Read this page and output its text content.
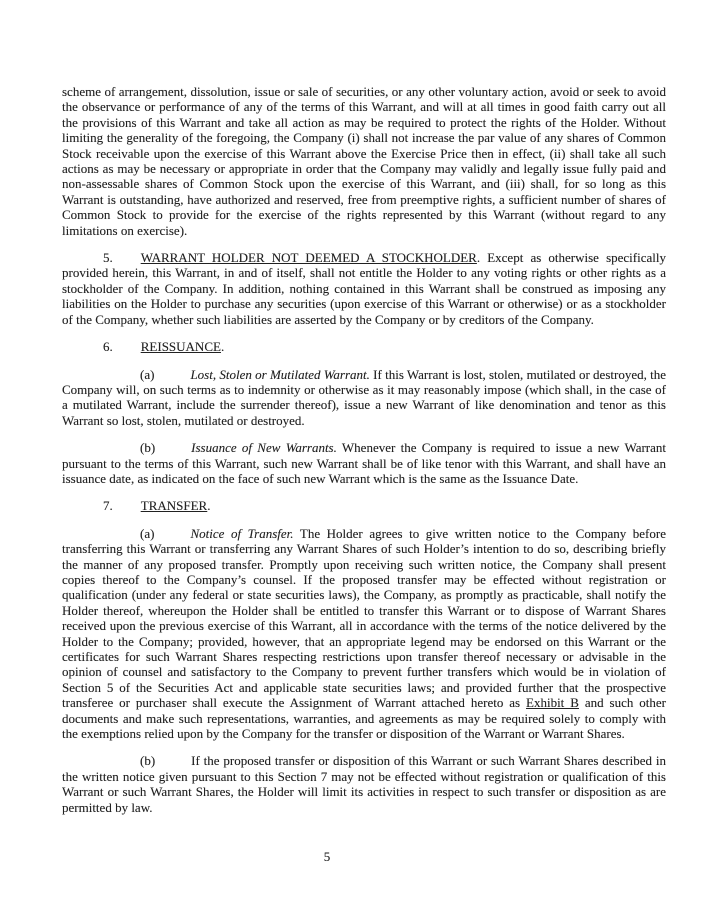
scheme of arrangement, dissolution, issue or sale of securities, or any other voluntary action, avoid or seek to avoid the observance or performance of any of the terms of this Warrant, and will at all times in good faith carry out all the provisions of this Warrant and take all action as may be required to protect the rights of the Holder. Without limiting the generality of the foregoing, the Company (i) shall not increase the par value of any shares of Common Stock receivable upon the exercise of this Warrant above the Exercise Price then in effect, (ii) shall take all such actions as may be necessary or appropriate in order that the Company may validly and legally issue fully paid and non-assessable shares of Common Stock upon the exercise of this Warrant, and (iii) shall, for so long as this Warrant is outstanding, have authorized and reserved, free from preemptive rights, a sufficient number of shares of Common Stock to provide for the exercise of the rights represented by this Warrant (without regard to any limitations on exercise).

5. WARRANT HOLDER NOT DEEMED A STOCKHOLDER. Except as otherwise specifically provided herein, this Warrant, in and of itself, shall not entitle the Holder to any voting rights or other rights as a stockholder of the Company. In addition, nothing contained in this Warrant shall be construed as imposing any liabilities on the Holder to purchase any securities (upon exercise of this Warrant or otherwise) or as a stockholder of the Company, whether such liabilities are asserted by the Company or by creditors of the Company.

6. REISSUANCE.

(a)	Lost, Stolen or Mutilated Warrant. If this Warrant is lost, stolen, mutilated or destroyed, the Company will, on such terms as to indemnity or otherwise as it may reasonably impose (which shall, in the case of a mutilated Warrant, include the surrender thereof), issue a new Warrant of like denomination and tenor as this Warrant so lost, stolen, mutilated or destroyed.

(b)	Issuance of New Warrants. Whenever the Company is required to issue a new Warrant pursuant to the terms of this Warrant, such new Warrant shall be of like tenor with this Warrant, and shall have an issuance date, as indicated on the face of such new Warrant which is the same as the Issuance Date.

7. TRANSFER.

(a)	Notice of Transfer. The Holder agrees to give written notice to the Company before transferring this Warrant or transferring any Warrant Shares of such Holder’s intention to do so, describing briefly the manner of any proposed transfer. Promptly upon receiving such written notice, the Company shall present copies thereof to the Company’s counsel. If the proposed transfer may be effected without registration or qualification (under any federal or state securities laws), the Company, as promptly as practicable, shall notify the Holder thereof, whereupon the Holder shall be entitled to transfer this Warrant or to dispose of Warrant Shares received upon the previous exercise of this Warrant, all in accordance with the terms of the notice delivered by the Holder to the Company; provided, however, that an appropriate legend may be endorsed on this Warrant or the certificates for such Warrant Shares respecting restrictions upon transfer thereof necessary or advisable in the opinion of counsel and satisfactory to the Company to prevent further transfers which would be in violation of Section 5 of the Securities Act and applicable state securities laws; and provided further that the prospective transferee or purchaser shall execute the Assignment of Warrant attached hereto as Exhibit B and such other documents and make such representations, warranties, and agreements as may be required solely to comply with the exemptions relied upon by the Company for the transfer or disposition of the Warrant or Warrant Shares.

(b)	If the proposed transfer or disposition of this Warrant or such Warrant Shares described in the written notice given pursuant to this Section 7 may not be effected without registration or qualification of this Warrant or such Warrant Shares, the Holder will limit its activities in respect to such transfer or disposition as are permitted by law.

5
